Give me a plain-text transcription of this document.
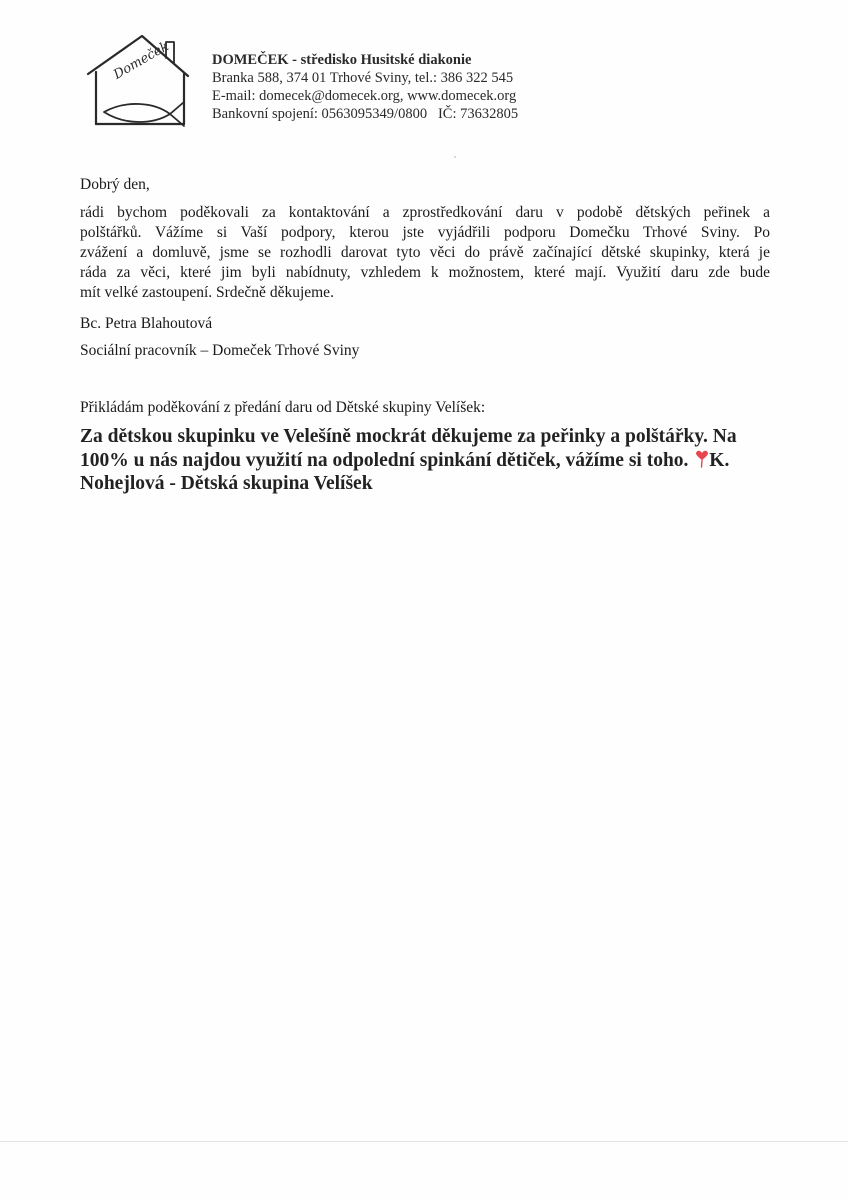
Domeček	DOMEČEK - středisko Husitské diakonie
Branka 588, 374 01 Trhové Sviny, tel.: 386 322 545
E-mail: domecek@domecek.org, www.domecek.org
Bankovní spojení: 0563095349/0800   IČ: 73632805
Dobrý den,
rádi bychom poděkovali za kontaktování a zprostředkování daru v podobě dětských peřinek a
polštářků. Vážíme si Vaší podpory, kterou jste vyjádřili podporu Domečku Trhové Sviny. Po
zvážení a domluvě, jsme se rozhodli darovat tyto věci do právě začínající dětské skupinky, která je
ráda za věci, které jim byli nabídnuty, vzhledem k možnostem, které mají. Využití daru zde bude
mít velké zastoupení. Srdečně děkujeme.
Bc. Petra Blahoutová
Sociální pracovník – Domeček Trhové Sviny
Přikládám poděkování z předání daru od Dětské skupiny Velíšek:
Za dětskou skupinku ve Velešíně mockrát děkujeme za peřinky a polštářky. Na
100% u nás najdou využití na odpolední spinkání dětiček, vážíme si toho. K.
Nohejlová - Dětská skupina Velíšek
